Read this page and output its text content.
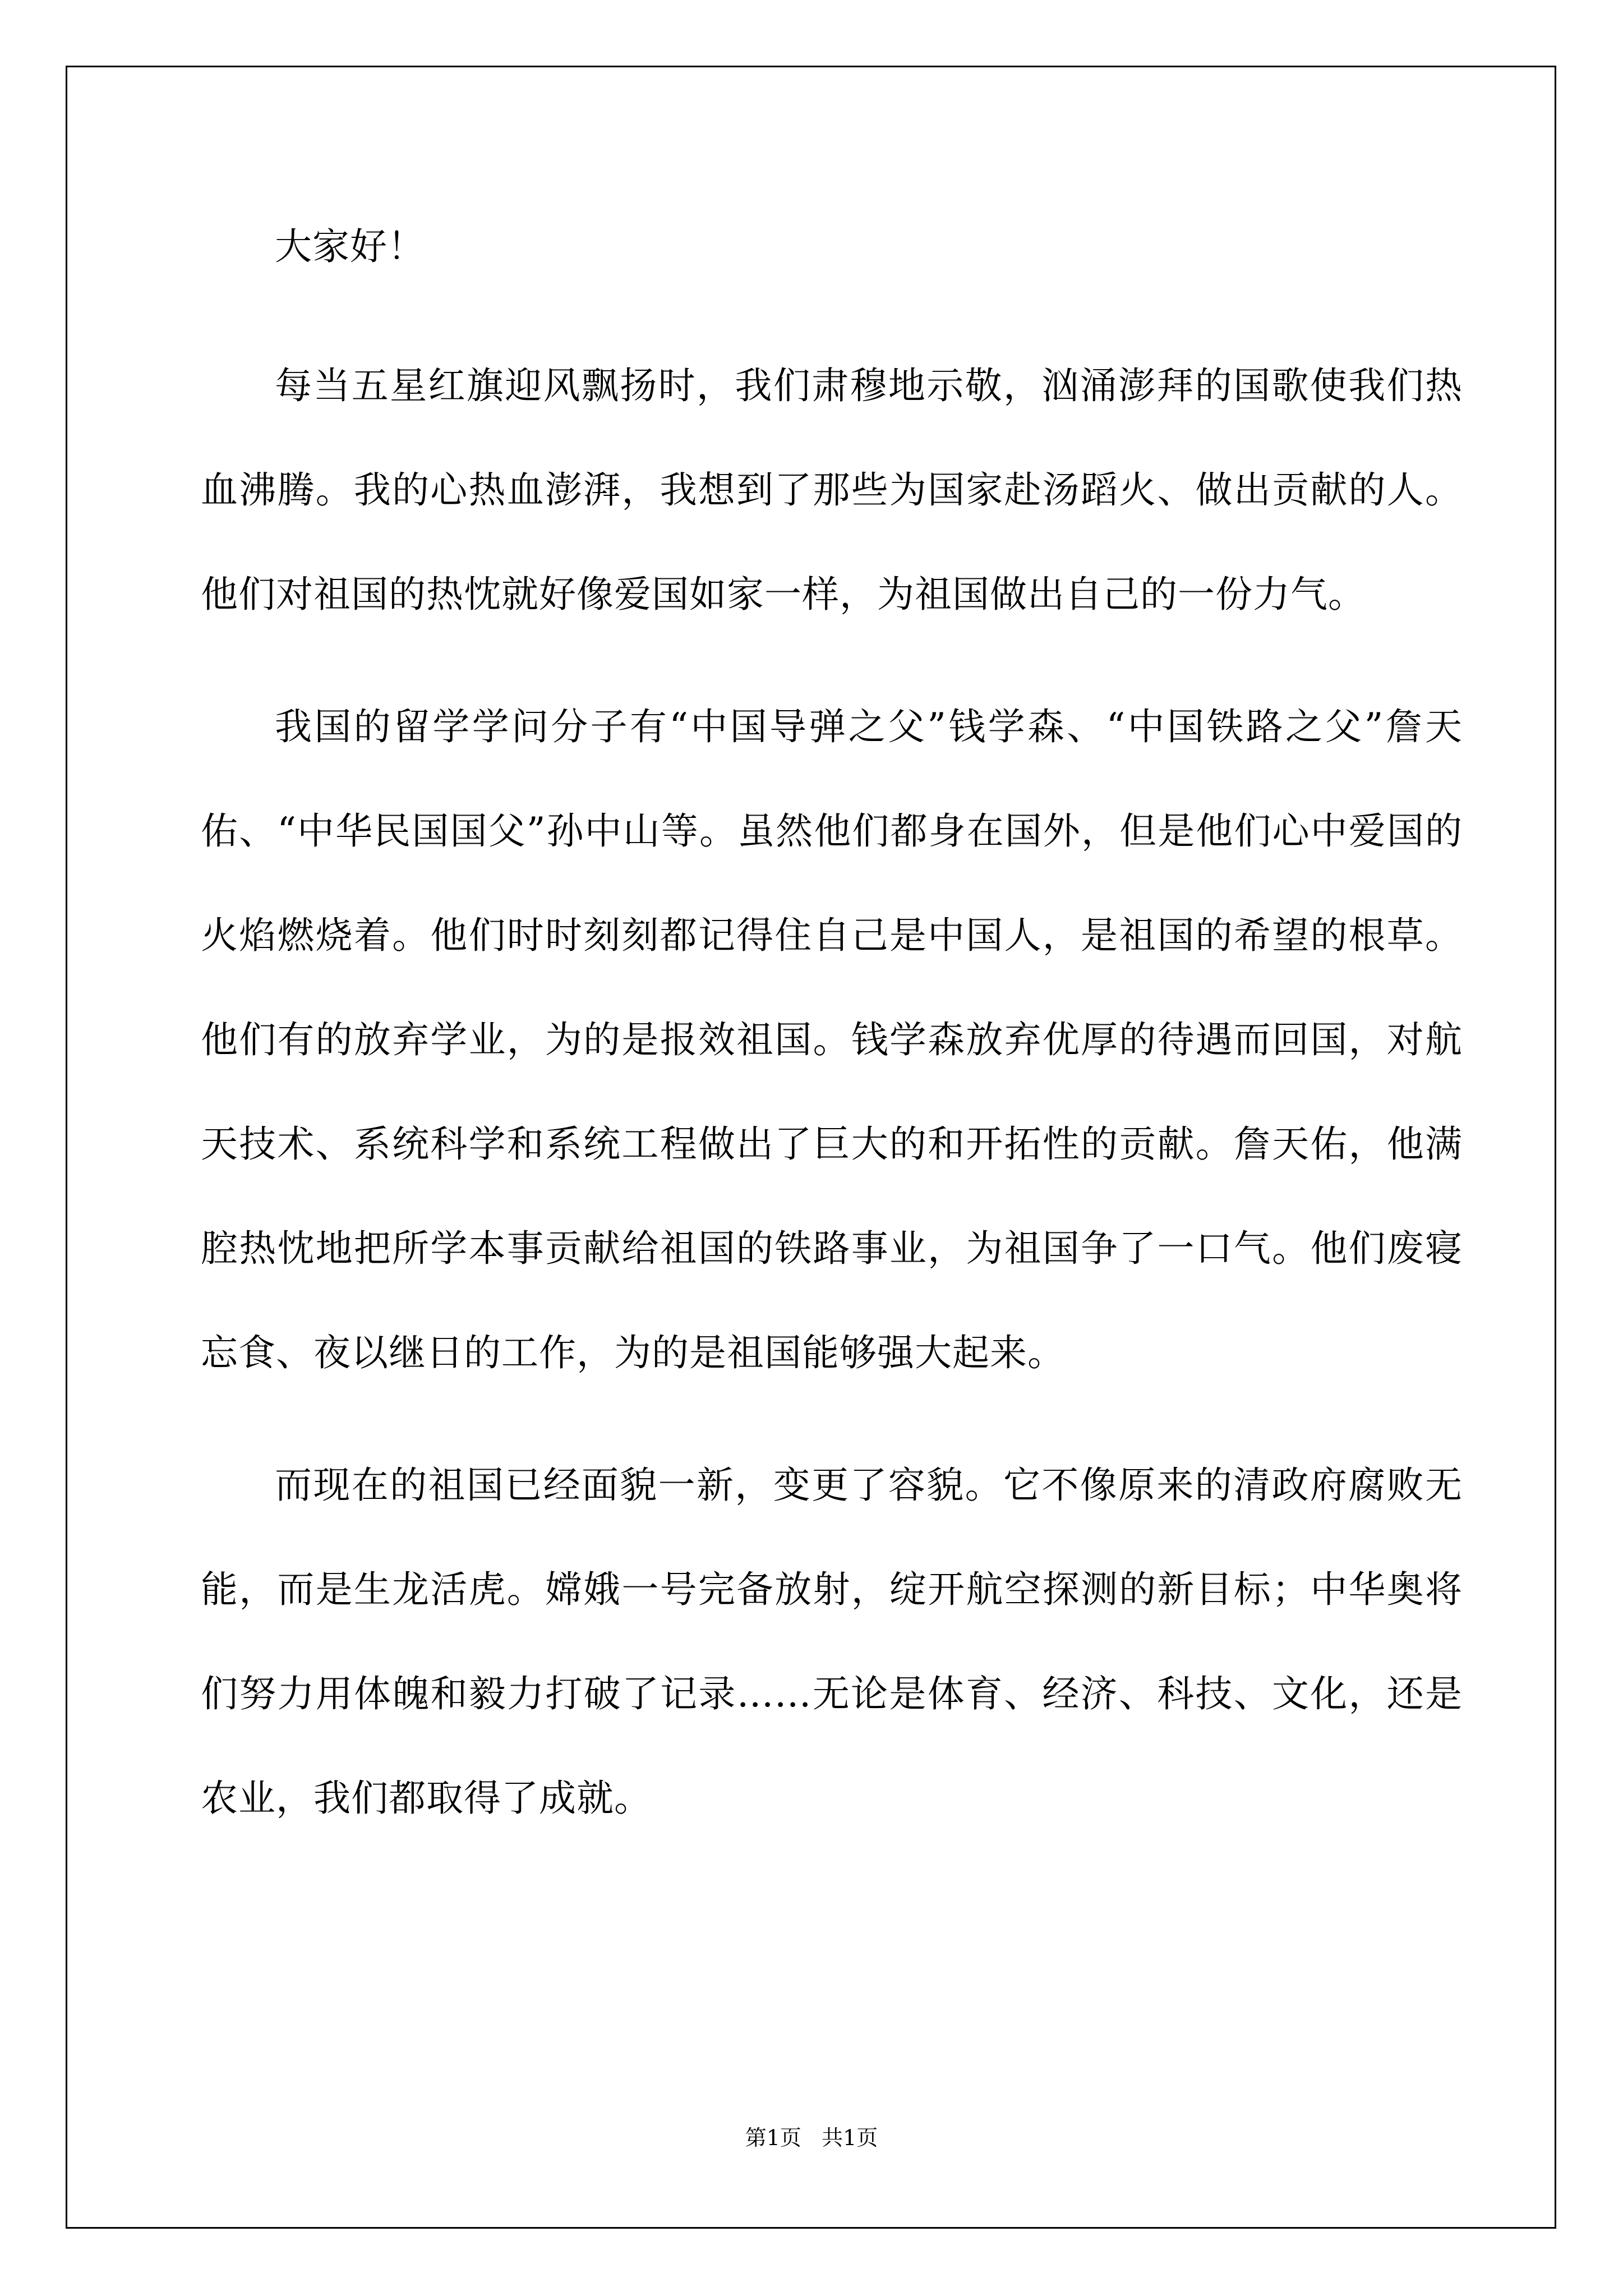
大家好！

每当五星红旗迎风飘扬时，我们肃穆地示敬，汹涌澎拜的国歌使我们热血沸腾。我的心热血澎湃，我想到了那些为国家赴汤蹈火、做出贡献的人。他们对祖国的热忱就好像爱国如家一样，为祖国做出自己的一份力气。

我国的留学学问分子有“中国导弹之父”钱学森、“中国铁路之父”詹天佑、“中华民国国父”孙中山等。虽然他们都身在国外，但是他们心中爱国的火焰燃烧着。他们时时刻刻都记得住自己是中国人，是祖国的希望的根草。他们有的放弃学业，为的是报效祖国。钱学森放弃优厚的待遇而回国，对航天技术、系统科学和系统工程做出了巨大的和开拓性的贡献。詹天佑，他满腔热忱地把所学本事贡献给祖国的铁路事业，为祖国争了一口气。他们废寝忘食、夜以继日的工作，为的是祖国能够强大起来。

而现在的祖国已经面貌一新，变更了容貌。它不像原来的清政府腐败无能，而是生龙活虎。嫦娥一号完备放射，绽开航空探测的新目标；中华奥将们努力用体魄和毅力打破了记录……无论是体育、经济、科技、文化，还是农业，我们都取得了成就。

第1页   共1页
